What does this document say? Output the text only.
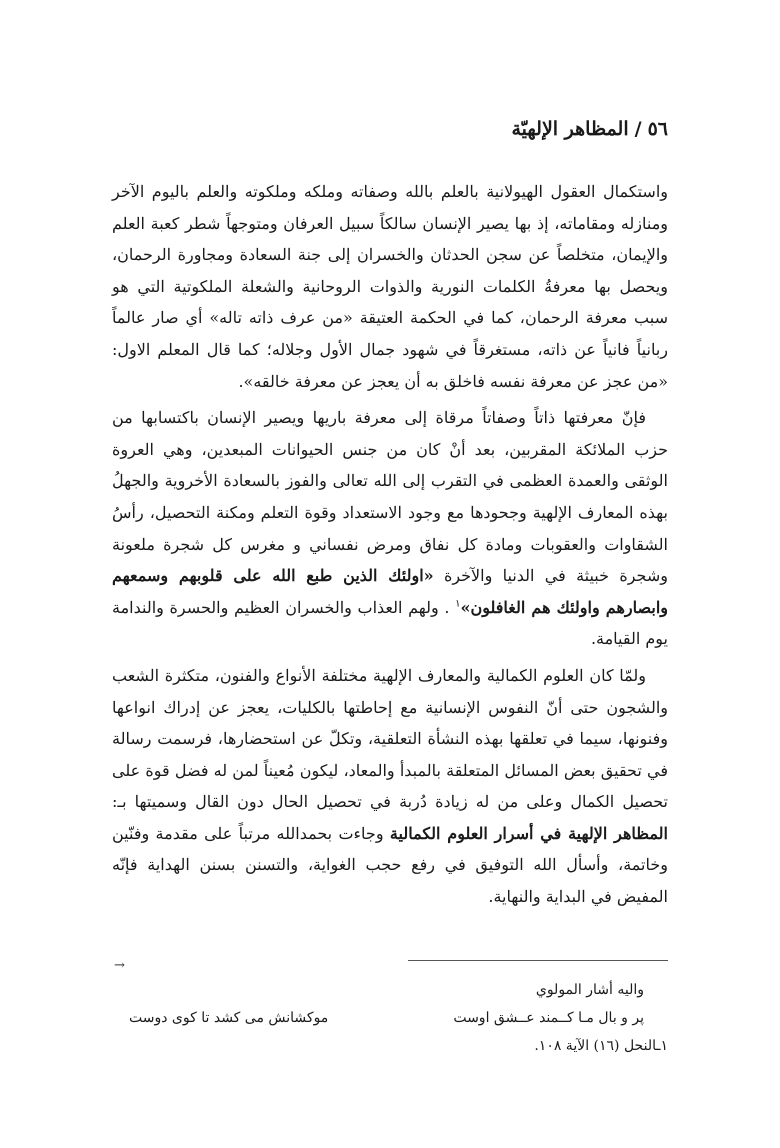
٥٦/المظاهر الإلهيّة

واستكمال العقول الهيولانية بالعلم بالله وصفاته وملكه وملكوته والعلم باليوم الآخر ومنازله ومقاماته، إذ بها يصير الإنسان سالكاً سبيل العرفان ومتوجهاً شطر كعبة العلم والإيمان، متخلصاً عن سجن الحدثان والخسران إلى جنة السعادة ومجاورة الرحمان، ويحصل بها معرفةُ الكلمات النورية والذوات الروحانية والشعلة الملكوتية التي هو سبب معرفة الرحمان، كما في الحكمة العتيقة «من عرف ذاته تاله» أي صار عالماً ربانياً فانياً عن ذاته، مستغرقاً في شهود جمال الأول وجلاله؛ كما قال المعلم الاول: «من عجز عن معرفة نفسه فاخلق به أن يعجز عن معرفة خالقه».

فإنّ معرفتها ذاتاً وصفاتاً مرقاة إلى معرفة باريها ويصير الإنسان باكتسابها من حزب الملائكة المقربين، بعد أنْ كان من جنس الحيوانات المبعدين، وهي العروة الوثقى والعمدة العظمى في التقرب إلى الله تعالى والفوز بالسعادة الأخروية والجهلُ بهذه المعارف الإلهية وجحودها مع وجود الاستعداد وقوة التعلم ومكنة التحصيل، رأسُ الشقاوات والعقوبات ومادة كل نفاق ومرض نفساني و مغرس كل شجرة ملعونة وشجرة خبيثة في الدنيا والآخرة «اولئك الذين طبع الله على قلوبهم وسمعهم وابصارهم واولئك هم الغافلون»$^١$ . ولهم العذاب والخسران العظيم والحسرة والندامة يوم القيامة.

ولمّا كان العلوم الكمالية والمعارف الإلهية مختلفة الأنواع والفنون، متكثرة الشعب والشجون حتى أنّ النفوس الإنسانية مع إحاطتها بالكليات، يعجز عن إدراك انواعها وفنونها، سيما في تعلقها بهذه النشأة التعلقية، وتكلّ عن استحضارها، فرسمت رسالة في تحقيق بعض المسائل المتعلقة بالمبدأ والمعاد، ليكون مُعيناً لمن له فضل قوة على تحصيل الكمال وعلى من له زيادة دُربة في تحصيل الحال دون القال وسميتها بـ: المظاهر الإلهية في أسرار العلوم الكمالية وجاءت بحمدالله مرتباً على مقدمة وفنّين وخاتمة، وأسأل الله التوفيق في رفع حجب الغواية، والتسنن بسنن الهداية فإنّه المفيض في البداية والنهاية.

→
واليه أشار المولوي
پر و بال مـا كــمند عــشق اوست
موكشانش مى كشد تا كوى دوست
١ـالنحل (١٦) الآية ١٠٨.
